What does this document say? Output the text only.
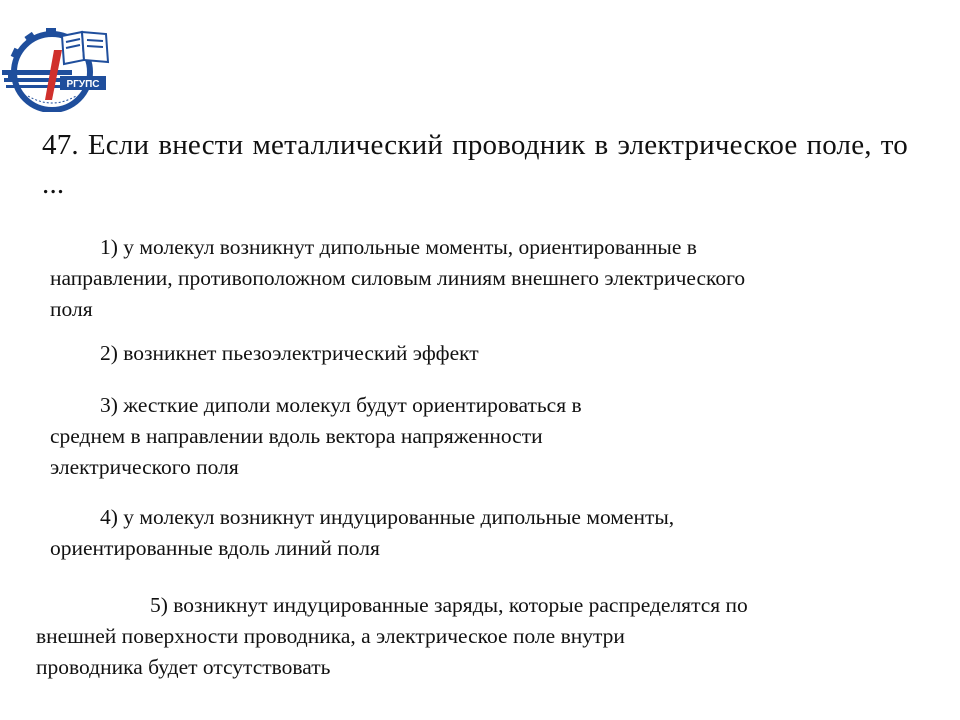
РГУПС
47. Если внести металлический проводник в электрическое поле, то ...
1) у молекул возникнут дипольные моменты, ориентированные в
направлении, противоположном силовым линиям внешнего электрического
поля
2) возникнет пьезоэлектрический эффект
3) жесткие диполи молекул будут ориентироваться в
среднем в направлении вдоль вектора напряженности
электрического поля
4) у молекул возникнут индуцированные дипольные моменты,
ориентированные вдоль линий поля
5) возникнут индуцированные заряды, которые распределятся по
внешней поверхности проводника, а электрическое поле внутри
проводника будет отсутствовать
